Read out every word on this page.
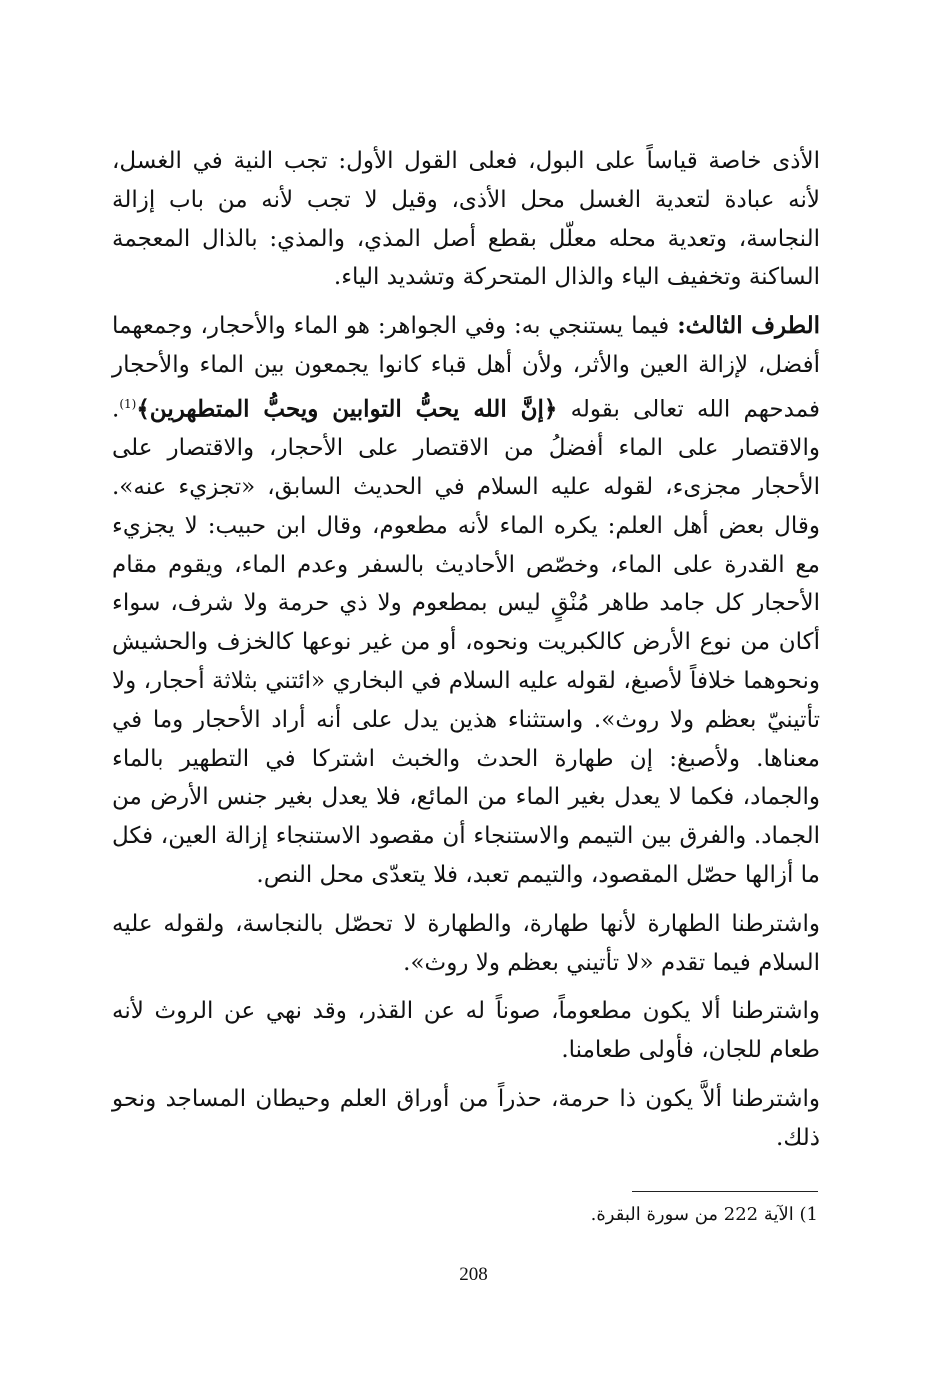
الأذى خاصة قياساً على البول، فعلى القول الأول: تجب النية في الغسل، لأنه عبادة لتعدية الغسل محل الأذى، وقيل لا تجب لأنه من باب إزالة النجاسة، وتعدية محله معلّل بقطع أصل المذي، والمذي: بالذال المعجمة الساكنة وتخفيف الياء والذال المتحركة وتشديد الياء.

الطرف الثالث: فيما يستنجي به: وفي الجواهر: هو الماء والأحجار، وجمعهما أفضل، لإزالة العين والأثر، ولأن أهل قباء كانوا يجمعون بين الماء والأحجار فمدحهم الله تعالى بقوله ﴿إنَّ الله يحبُّ التوابين ويحبُّ المتطهرين﴾$^{(1)}$. والاقتصار على الماء أفضلُ من الاقتصار على الأحجار، والاقتصار على الأحجار مجزىء، لقوله عليه السلام في الحديث السابق، «تجزيء عنه». وقال بعض أهل العلم: يكره الماء لأنه مطعوم، وقال ابن حبيب: لا يجزيء مع القدرة على الماء، وخصّص الأحاديث بالسفر وعدم الماء، ويقوم مقام الأحجار كل جامد طاهر مُنْقٍ ليس بمطعوم ولا ذي حرمة ولا شرف، سواء أكان من نوع الأرض كالكبريت ونحوه، أو من غير نوعها كالخزف والحشيش ونحوهما خلافاً لأصبغ، لقوله عليه السلام في البخاري «ائتني بثلاثة أحجار، ولا تأتينيّ بعظم ولا روث». واستثناء هذين يدل على أنه أراد الأحجار وما في معناها. ولأصبغ: إن طهارة الحدث والخبث اشتركا في التطهير بالماء والجماد، فكما لا يعدل بغير الماء من المائع، فلا يعدل بغير جنس الأرض من الجماد. والفرق بين التيمم والاستنجاء أن مقصود الاستنجاء إزالة العين، فكل ما أزالها حصّل المقصود، والتيمم تعبد، فلا يتعدّى محل النص.

واشترطنا الطهارة لأنها طهارة، والطهارة لا تحصّل بالنجاسة، ولقوله عليه السلام فيما تقدم «لا تأتيني بعظم ولا روث».

واشترطنا ألا يكون مطعوماً، صوناً له عن القذر، وقد نهي عن الروث لأنه طعام للجان، فأولى طعامنا.

واشترطنا ألاَّ يكون ذا حرمة، حذراً من أوراق العلم وحيطان المساجد ونحو ذلك.

1) الآية 222 من سورة البقرة.
208
